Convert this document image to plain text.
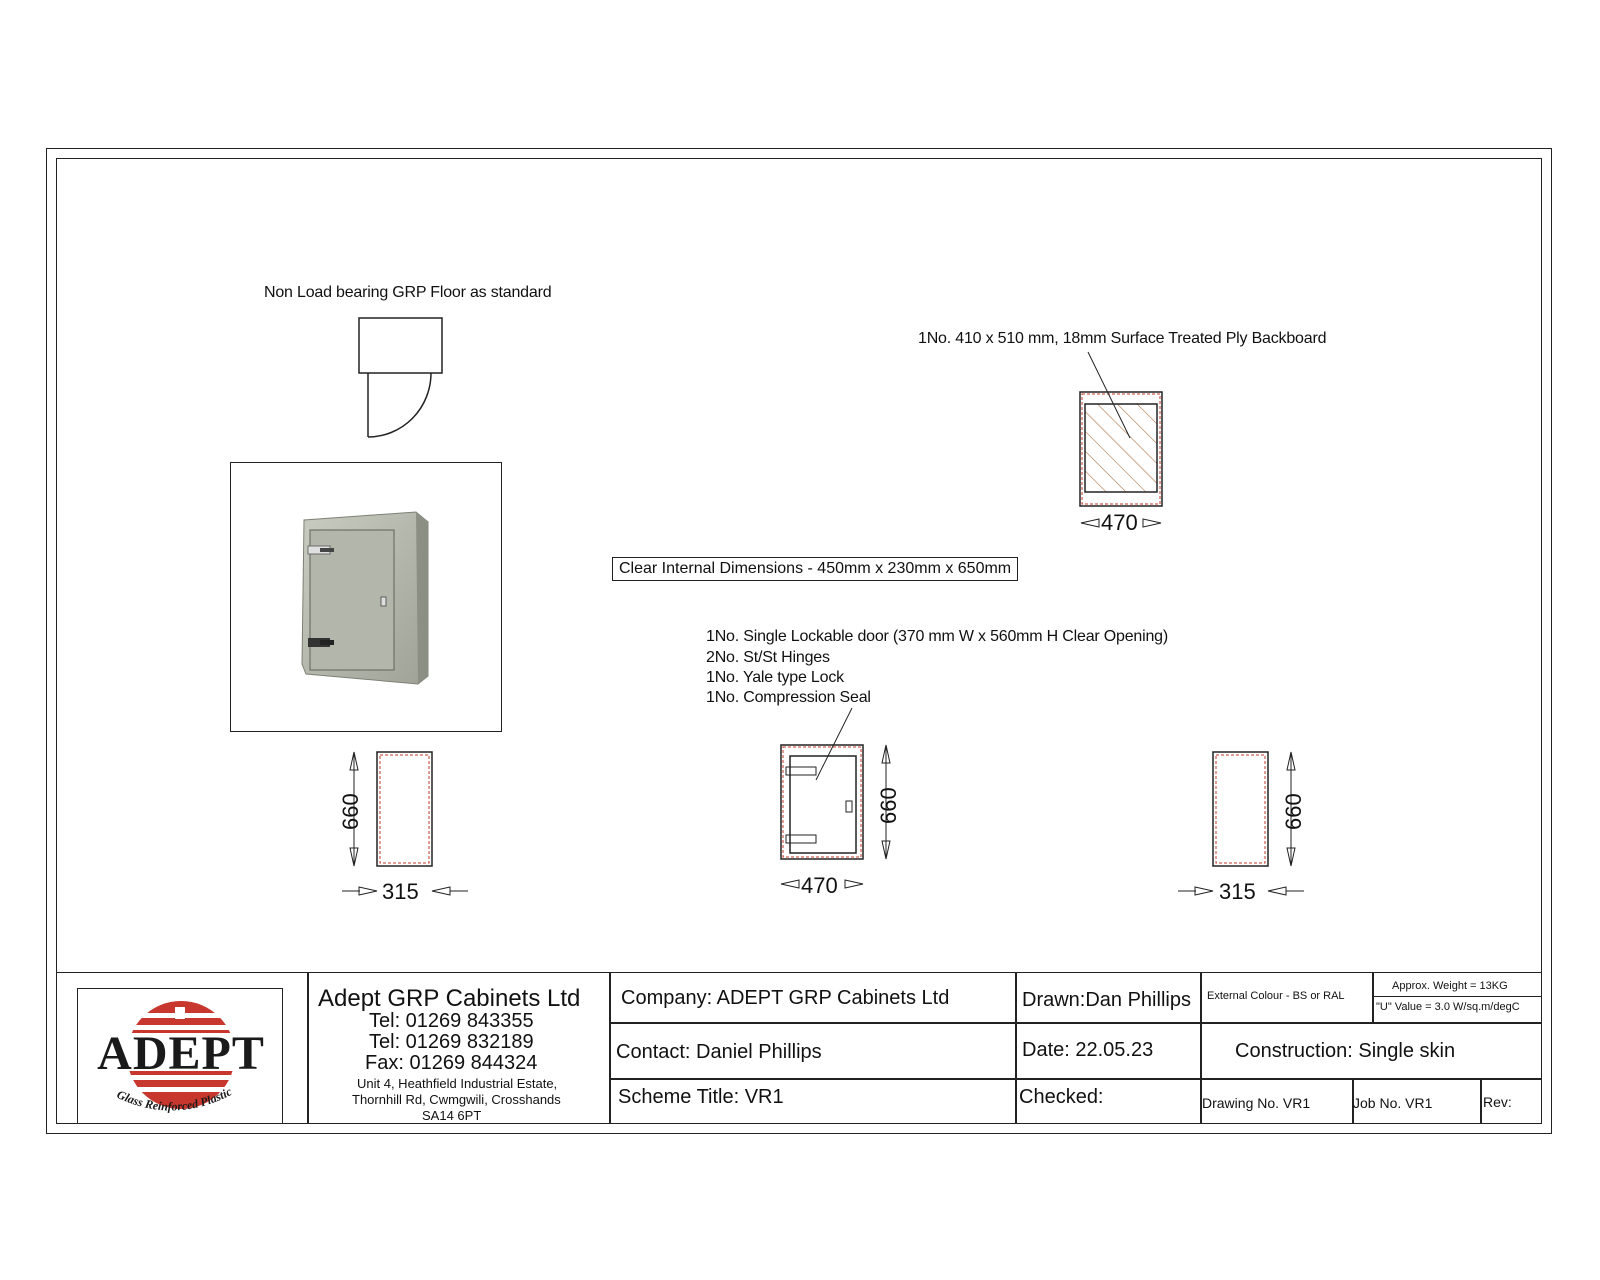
Non Load bearing GRP Floor as standard
1No. 410 x 510 mm, 18mm Surface Treated Ply Backboard
Clear Internal Dimensions - 450mm x 230mm x 650mm
1No. Single Lockable door (370 mm W x 560mm H Clear Opening)
2No. St/St Hinges
1No. Yale type Lock
1No. Compression Seal
470
660
315	470
660	660
315
ADEPT
Glass Reinforced Plastic
Adept GRP Cabinets Ltd
Tel: 01269 843355
Tel: 01269 832189
Fax: 01269 844324
Unit 4, Heathfield Industrial Estate,
Thornhill Rd, Cwmgwili, Crosshands
SA14 6PT
Company: ADEPT GRP Cabinets Ltd
Contact: Daniel Phillips
Scheme Title: VR1
Drawn:Dan Phillips
Date: 22.05.23
Checked:
External Colour - BS or RAL
Approx. Weight = 13KG
"U" Value = 3.0 W/sq.m/degC
Construction: Single skin
Drawing No. VR1	Job No. VR1	Rev:
